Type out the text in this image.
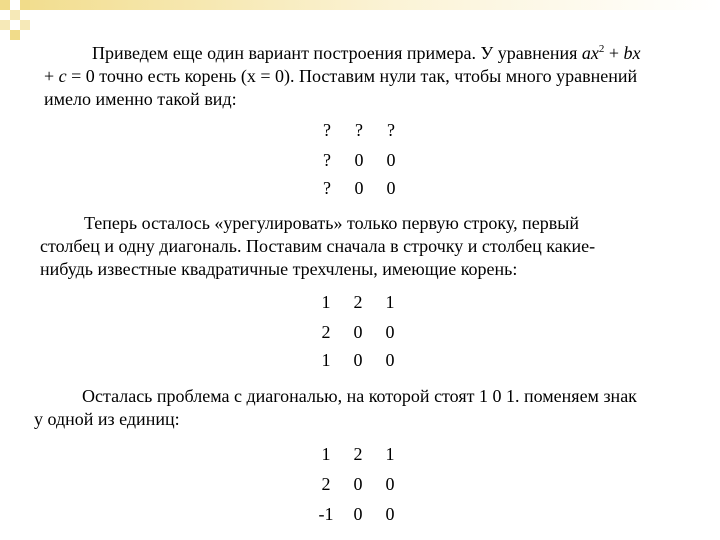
Приведем еще один вариант построения примера. У уравнения $ax^2$ + bx
+ c = 0 точно есть корень (x = 0). Поставим нули так, чтобы много уравнений
имело именно такой вид:

?	?	?
?	0	0
?	0	0

Теперь осталось «урегулировать» только первую строку, первый
столбец и одну диагональ. Поставим сначала в строчку и столбец какие-
нибудь известные квадратичные трехчлены, имеющие корень:

1	2	1
2	0	0
1	0	0

Осталась проблема с диагональю, на которой стоят 1 0 1. поменяем знак
у одной из единиц:

1	2	1
2	0	0
-1	0	0
